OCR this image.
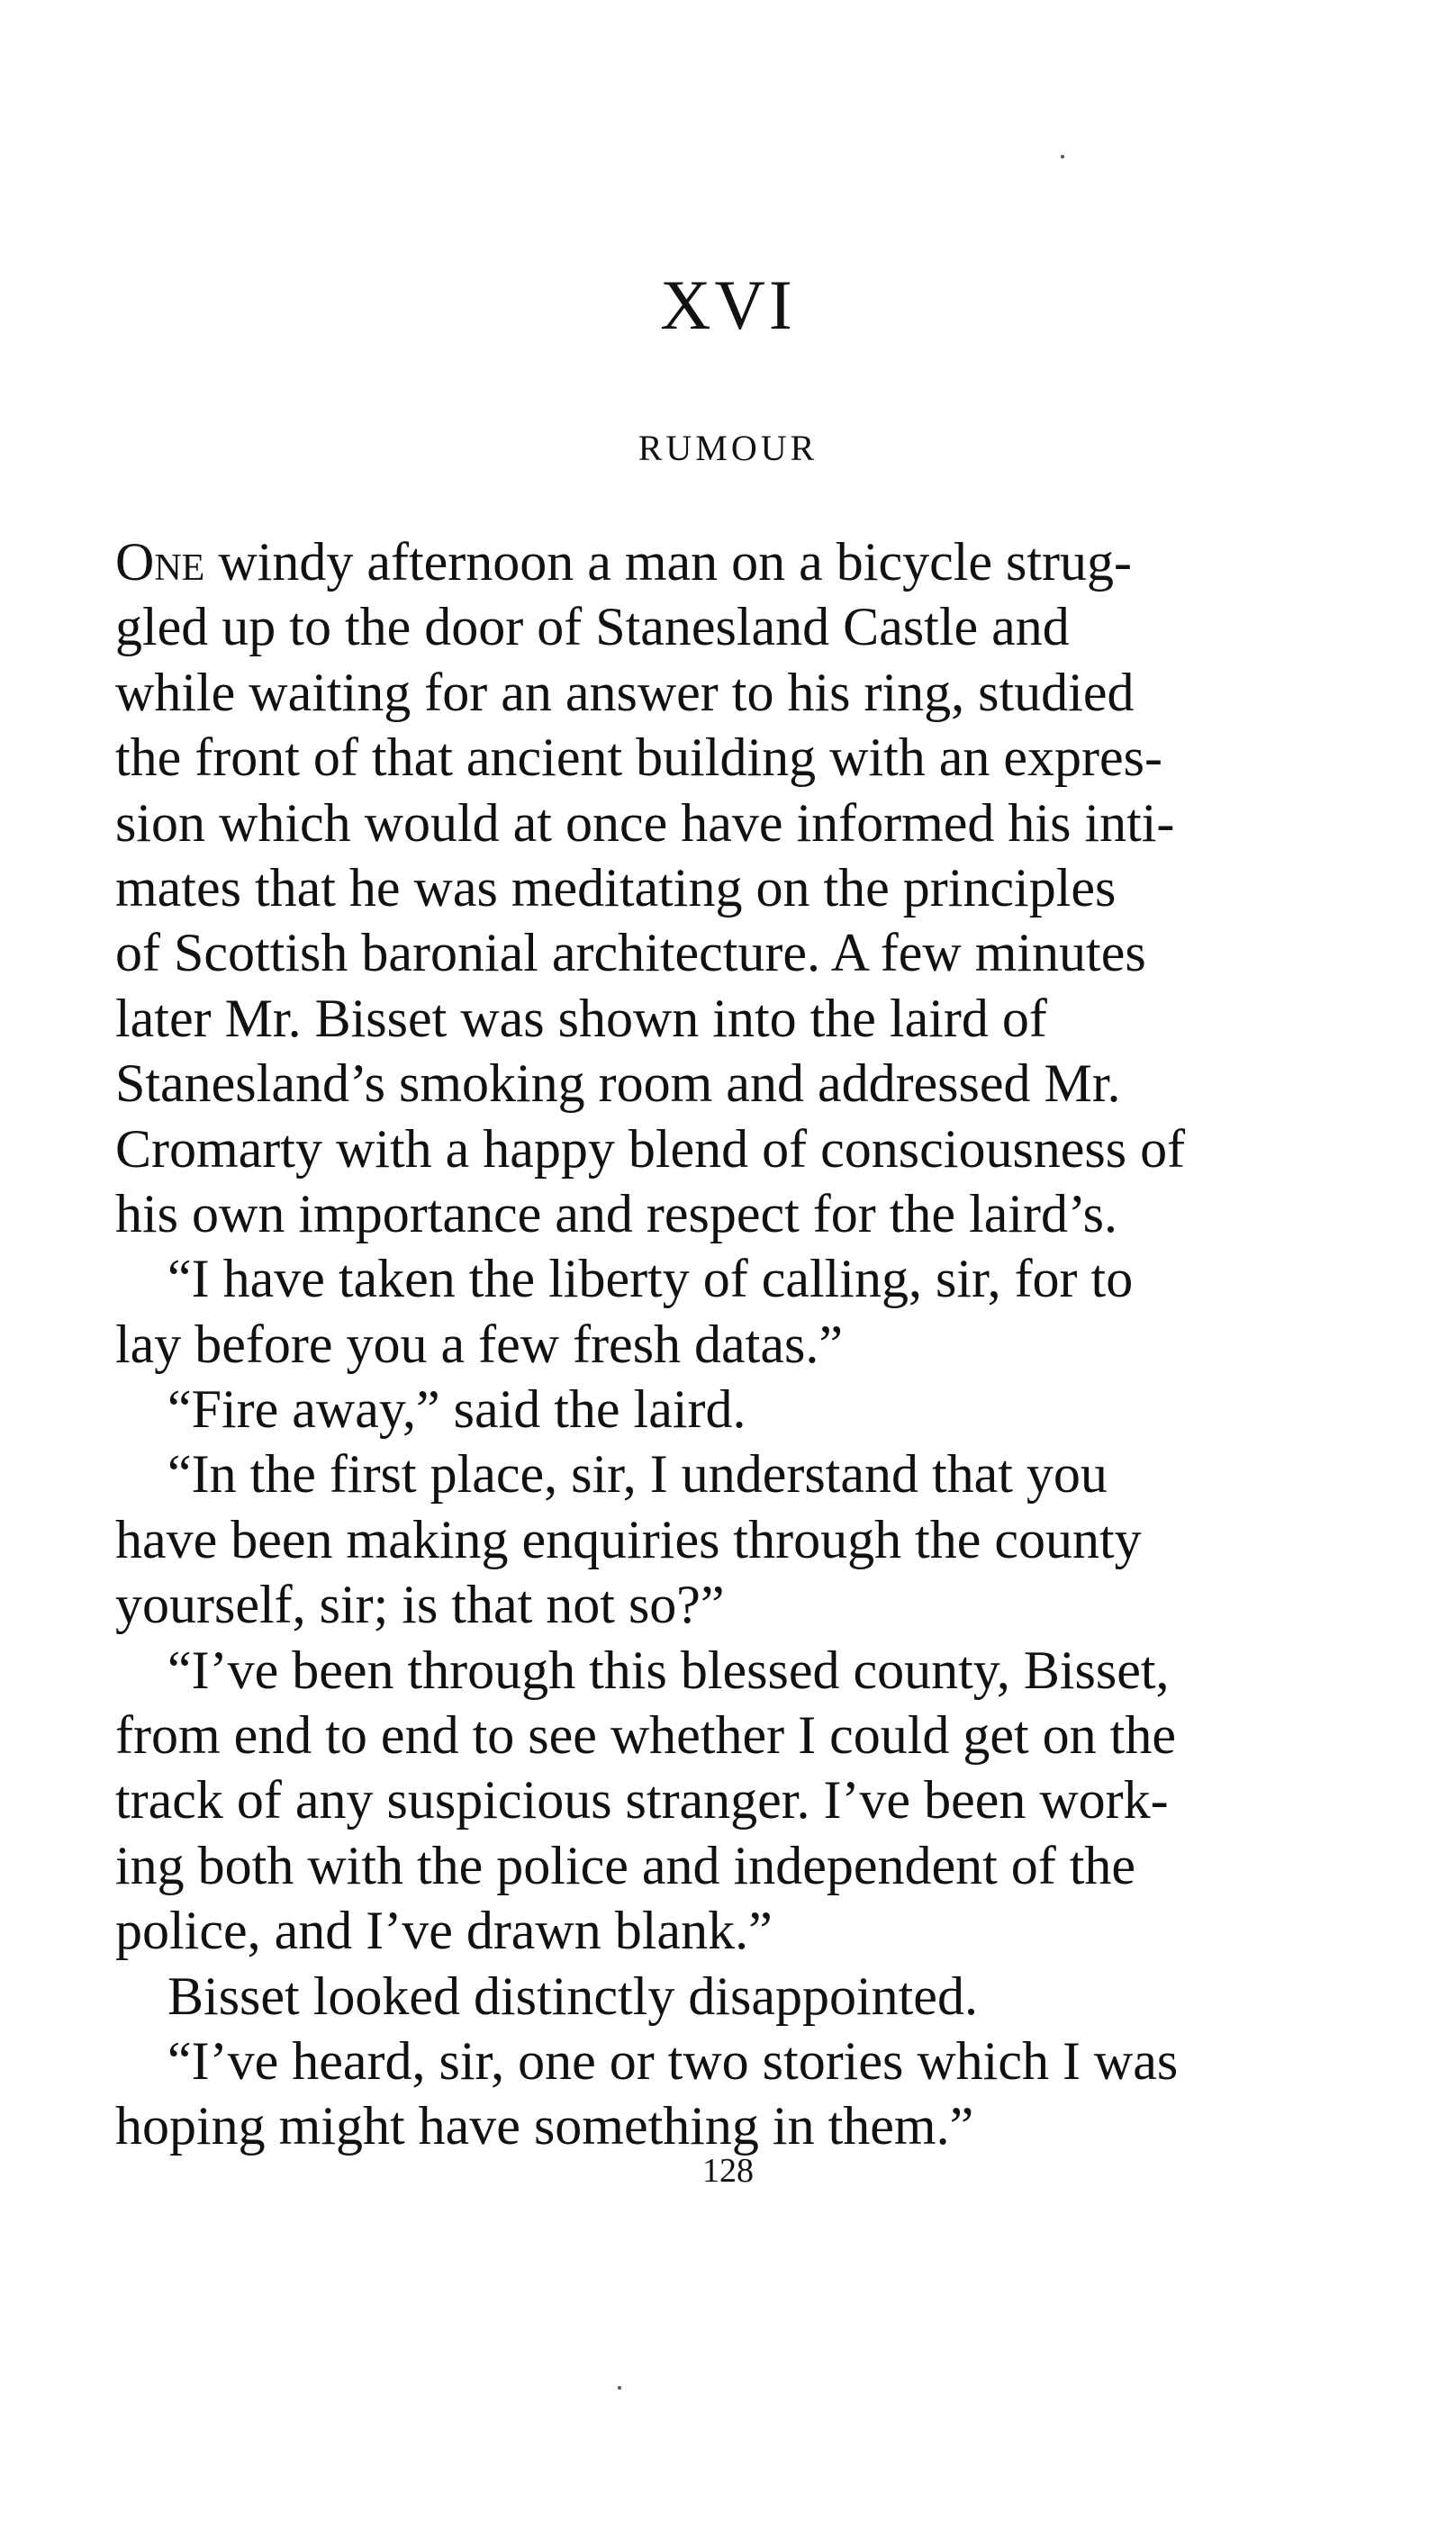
XVI
RUMOUR
One windy afternoon a man on a bicycle strug-
gled up to the door of Stanesland Castle and
while waiting for an answer to his ring, studied
the front of that ancient building with an expres-
sion which would at once have informed his inti-
mates that he was meditating on the principles
of Scottish baronial architecture. A few minutes
later Mr. Bisset was shown into the laird of
Stanesland’s smoking room and addressed Mr.
Cromarty with a happy blend of consciousness of
his own importance and respect for the laird’s.
“I have taken the liberty of calling, sir, for to
lay before you a few fresh datas.”
“Fire away,” said the laird.
“In the first place, sir, I understand that you
have been making enquiries through the county
yourself, sir; is that not so?”
“I’ve been through this blessed county, Bisset,
from end to end to see whether I could get on the
track of any suspicious stranger. I’ve been work-
ing both with the police and independent of the
police, and I’ve drawn blank.”
Bisset looked distinctly disappointed.
“I’ve heard, sir, one or two stories which I was
hoping might have something in them.”
128
